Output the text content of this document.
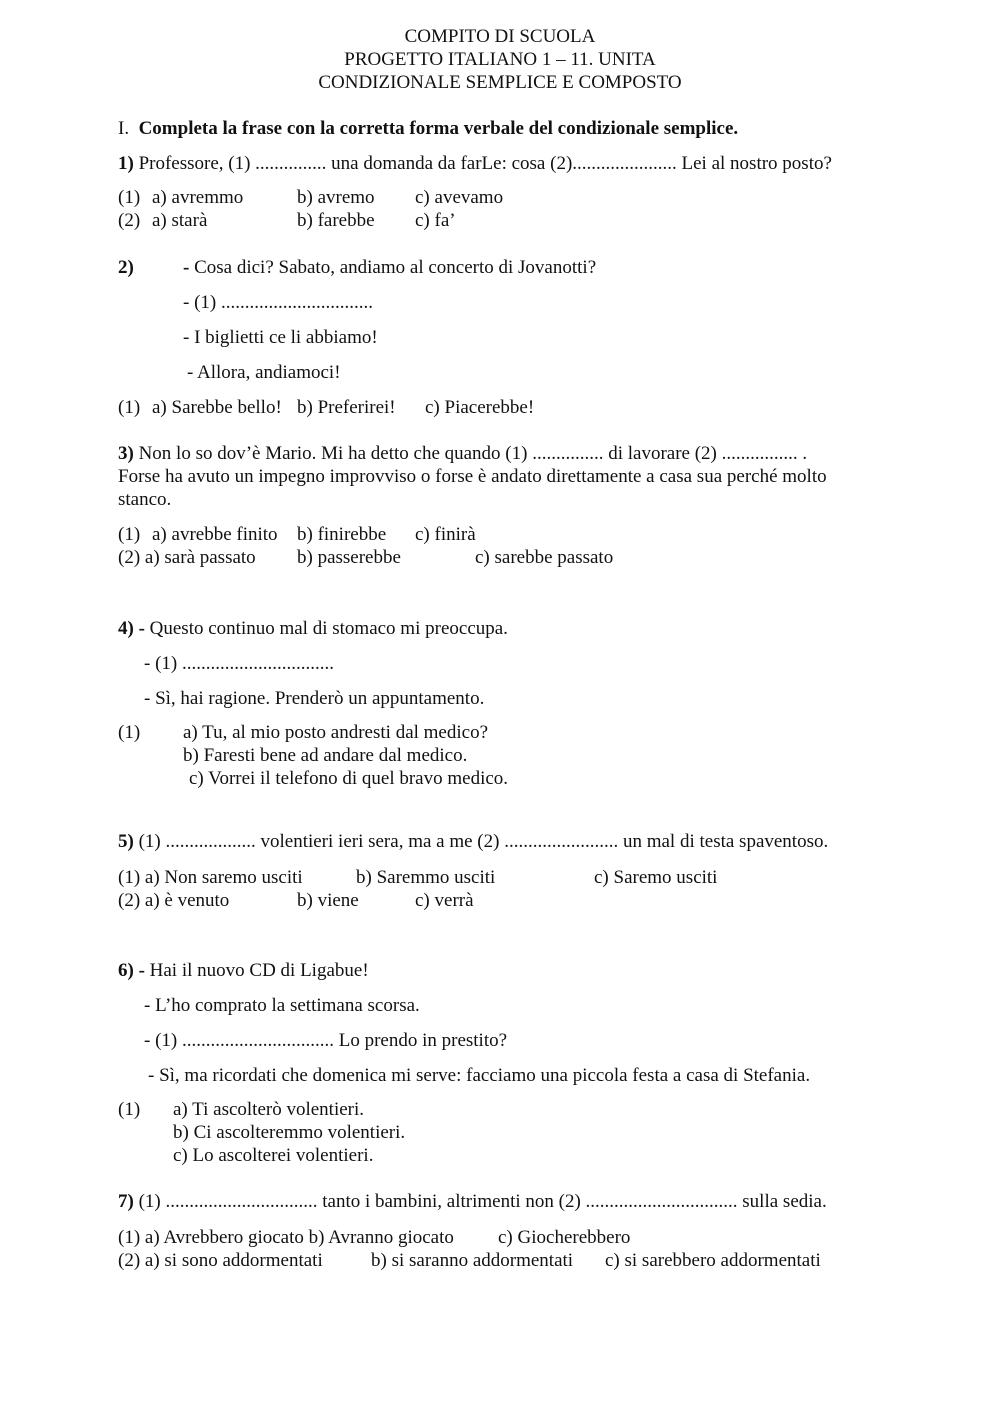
COMPITO DI SCUOLA
PROGETTO ITALIANO 1 – 11. UNITA
CONDIZIONALE SEMPLICE E COMPOSTO
I. Completa la frase con la corretta forma verbale del condizionale semplice.
1) Professore, (1) ............... una domanda da farLe: cosa (2)...................... Lei al nostro posto?
(1) a) avremmo	b) avremo c) avevamo
(2) a) starà	b) farebbe c) fa’
2)	- Cosa dici? Sabato, andiamo al concerto di Jovanotti?
- (1) ................................
- I biglietti ce li abbiamo!
- Allora, andiamoci!
(1) a) Sarebbe bello! b) Preferirei! c) Piacerebbe!
3) Non lo so dov’è Mario. Mi ha detto che quando (1) ............... di lavorare (2) ................ .
Forse ha avuto un impegno improvviso o forse è andato direttamente a casa sua perché molto
stanco.
(1) a) avrebbe finito b) finirebbe c) finirà
(2) a) sarà passato b) passerebbe	c) sarebbe passato
4) - Questo continuo mal di stomaco mi preoccupa.
- (1) ................................
- Sì, hai ragione. Prenderò un appuntamento.
(1) a) Tu, al mio posto andresti dal medico?
b) Faresti bene ad andare dal medico.
c) Vorrei il telefono di quel bravo medico.
5) (1) ................... volentieri ieri sera, ma a me (2) ........................ un mal di testa spaventoso.
(1) a) Non saremo usciti	b) Saremmo usciti	c) Saremo usciti
(2) a) è venuto	b) viene	c) verrà
6) - Hai il nuovo CD di Ligabue!
- L’ho comprato la settimana scorsa.
- (1) ................................ Lo prendo in prestito?
- Sì, ma ricordati che domenica mi serve: facciamo una piccola festa a casa di Stefania.
(1) a) Ti ascolterò volentieri.
b) Ci ascolteremmo volentieri.
c) Lo ascolterei volentieri.
7) (1) ................................ tanto i bambini, altrimenti non (2) ................................ sulla sedia.
(1) a) Avrebbero giocato b) Avranno giocato c) Giocherebbero
(2) a) si sono addormentati	b) si saranno addormentati c) si sarebbero addormentati
